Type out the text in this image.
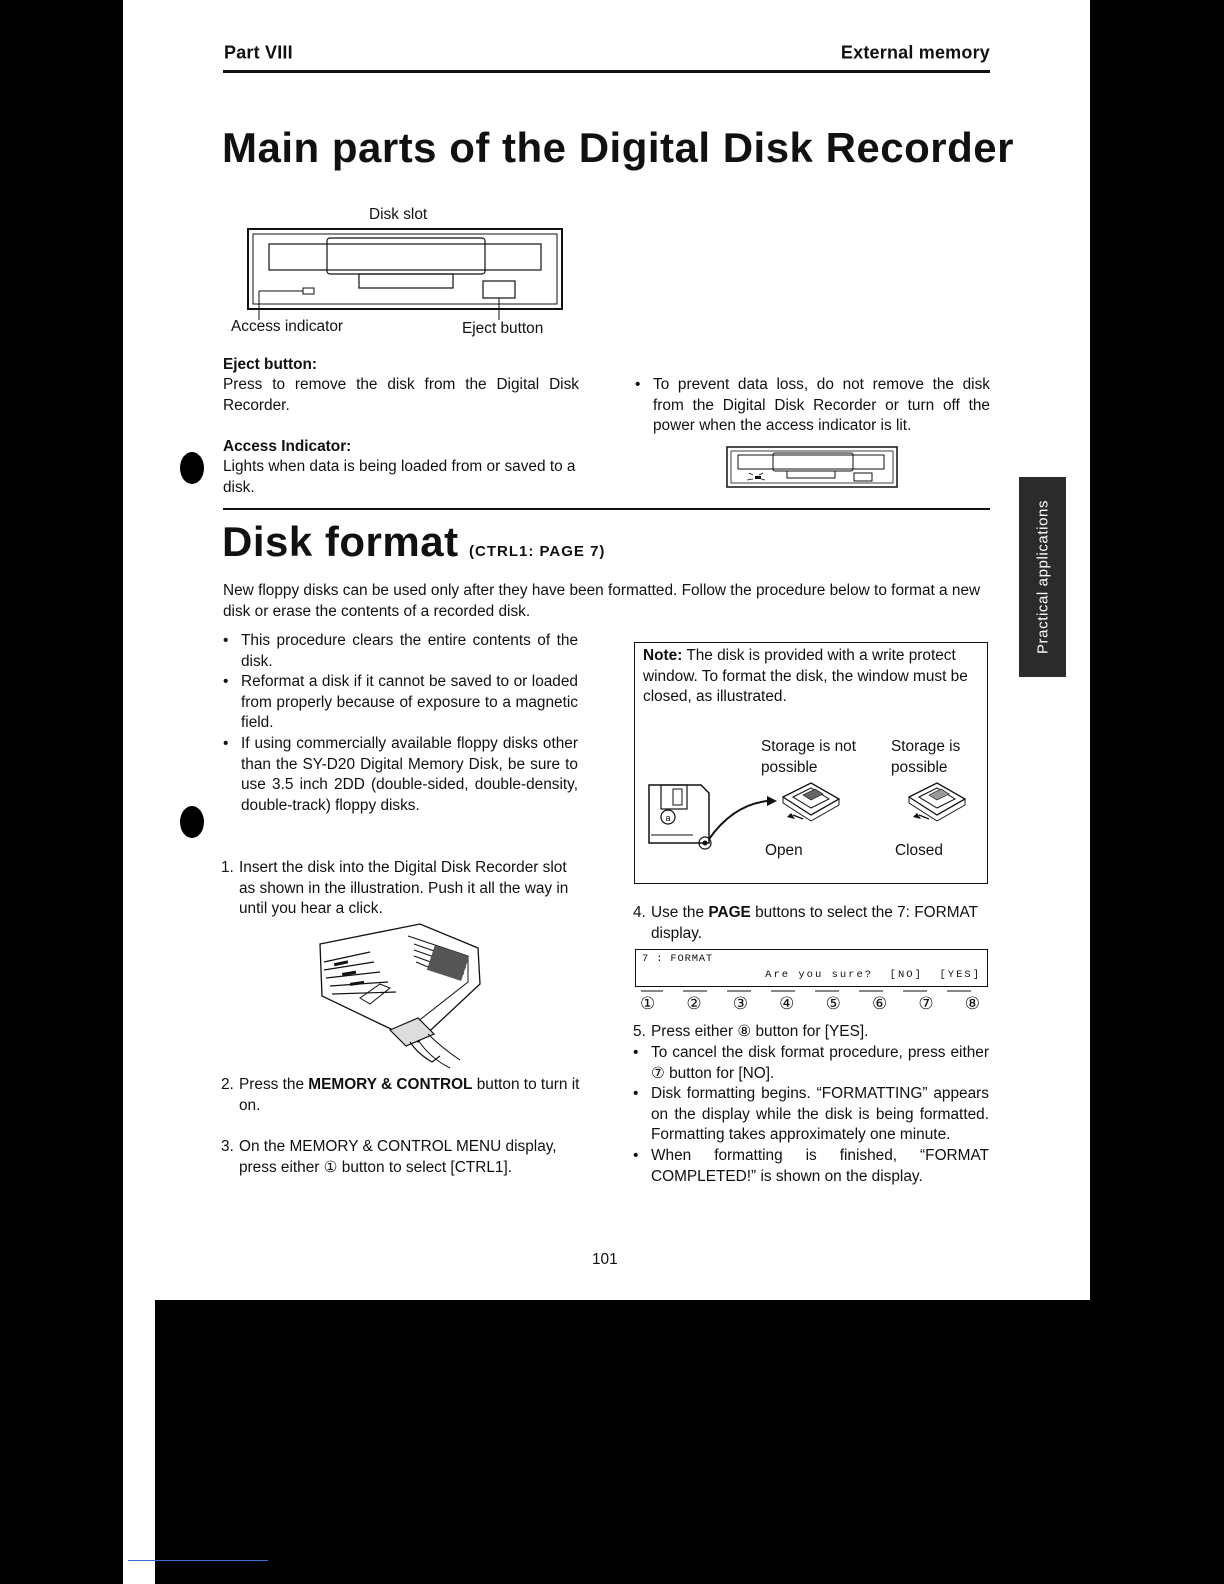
Part VIII	External memory
Main parts of the Digital Disk Recorder
Disk slot
Access indicator	Eject button
Eject button:
Press to remove the disk from the Digital Disk Recorder.
Access Indicator:
Lights when data is being loaded from or saved to a disk.
• To prevent data loss, do not remove the disk from the Digital Disk Recorder or turn off the power when the access indicator is lit.
Disk format (CTRL1: PAGE 7)
New floppy disks can be used only after they have been formatted. Follow the procedure below to format a new disk or erase the contents of a recorded disk.
• This procedure clears the entire contents of the disk.
• Reformat a disk if it cannot be saved to or loaded from properly because of exposure to a magnetic field.
• If using commercially available floppy disks other than the SY-D20 Digital Memory Disk, be sure to use 3.5 inch 2DD (double-sided, double-density, double-track) floppy disks.
Note: The disk is provided with a write protect window. To format the disk, the window must be closed, as illustrated.
Storage is not possible
Storage is possible
a
Open	Closed
1. Insert the disk into the Digital Disk Recorder slot as shown in the illustration. Push it all the way in until you hear a click.
2. Press the MEMORY & CONTROL button to turn it on.
3. On the MEMORY & CONTROL MENU display, press either ① button to select [CTRL1].
4. Use the PAGE buttons to select the 7: FORMAT display.
7 : FORMAT
Are you sure?  [NO]  [YES]
① ② ③ ④ ⑤ ⑥ ⑦ ⑧
5. Press either ⑧ button for [YES].
• To cancel the disk format procedure, press either ⑦ button for [NO].
• Disk formatting begins. “FORMATTING” appears on the display while the disk is being formatted. Formatting takes approximately one minute.
• When formatting is finished, “FORMAT COMPLETED!” is shown on the display.
Practical applications
101
